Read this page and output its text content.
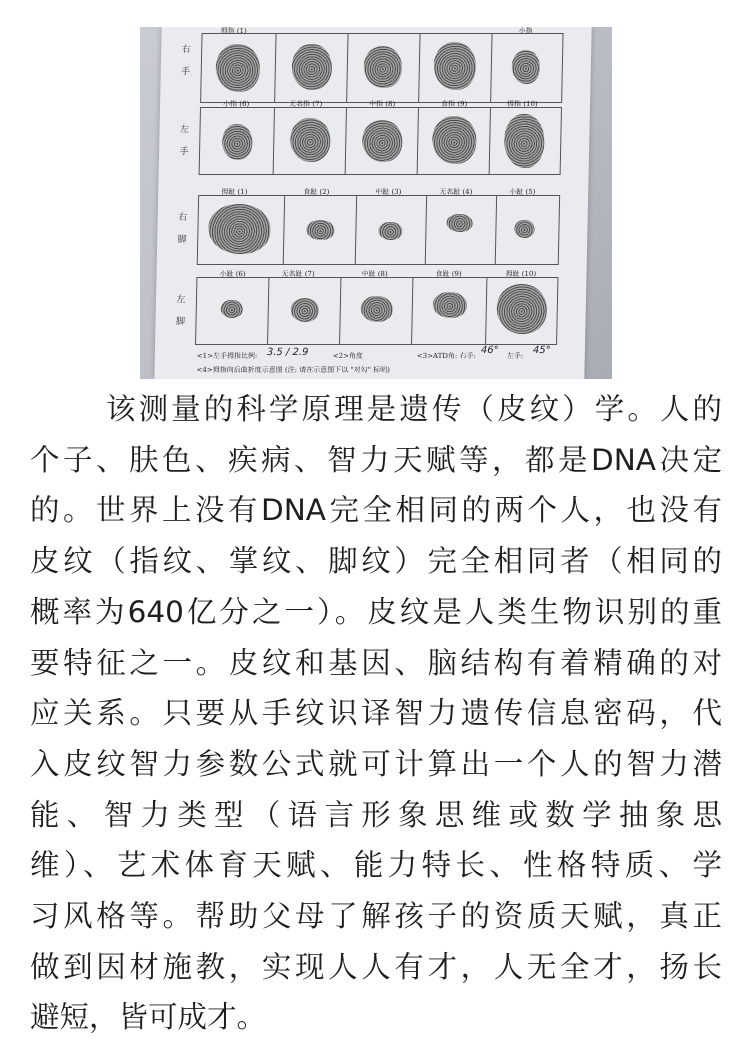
右
手
拇指 (1)	小指
左
手
小指 (6)	无名指 (7)	中指 (8)	食指 (9)	拇指 (10)
右
脚
拇趾 (1)	食趾 (2)	中趾 (3)	无名趾 (4)	小趾 (5)
左
脚
小趾 (6)	无名趾 (7)	中趾 (8)	食趾 (9)	拇趾 (10)
<1>左手拇指比例: 3.5 / 2.9	<2>角度	<3>ATD角: 右手: 46° 左手: 45°
<4>拇指向后曲折度示意图 (注: 请在示意图下以 "对勾" 标明)

该测量的科学原理是遗传（皮纹）学。人的
个子、肤色、疾病、智力天赋等，都是DNA决定
的。世界上没有DNA完全相同的两个人，也没有
皮纹（指纹、掌纹、脚纹）完全相同者（相同的
概率为640亿分之一）。皮纹是人类生物识别的重
要特征之一。皮纹和基因、脑结构有着精确的对
应关系。只要从手纹识译智力遗传信息密码，代
入皮纹智力参数公式就可计算出一个人的智力潜
能、智力类型（语言形象思维或数学抽象思
维）、艺术体育天赋、能力特长、性格特质、学
习风格等。帮助父母了解孩子的资质天赋，真正
做到因材施教，实现人人有才，人无全才，扬长
避短，皆可成才。
